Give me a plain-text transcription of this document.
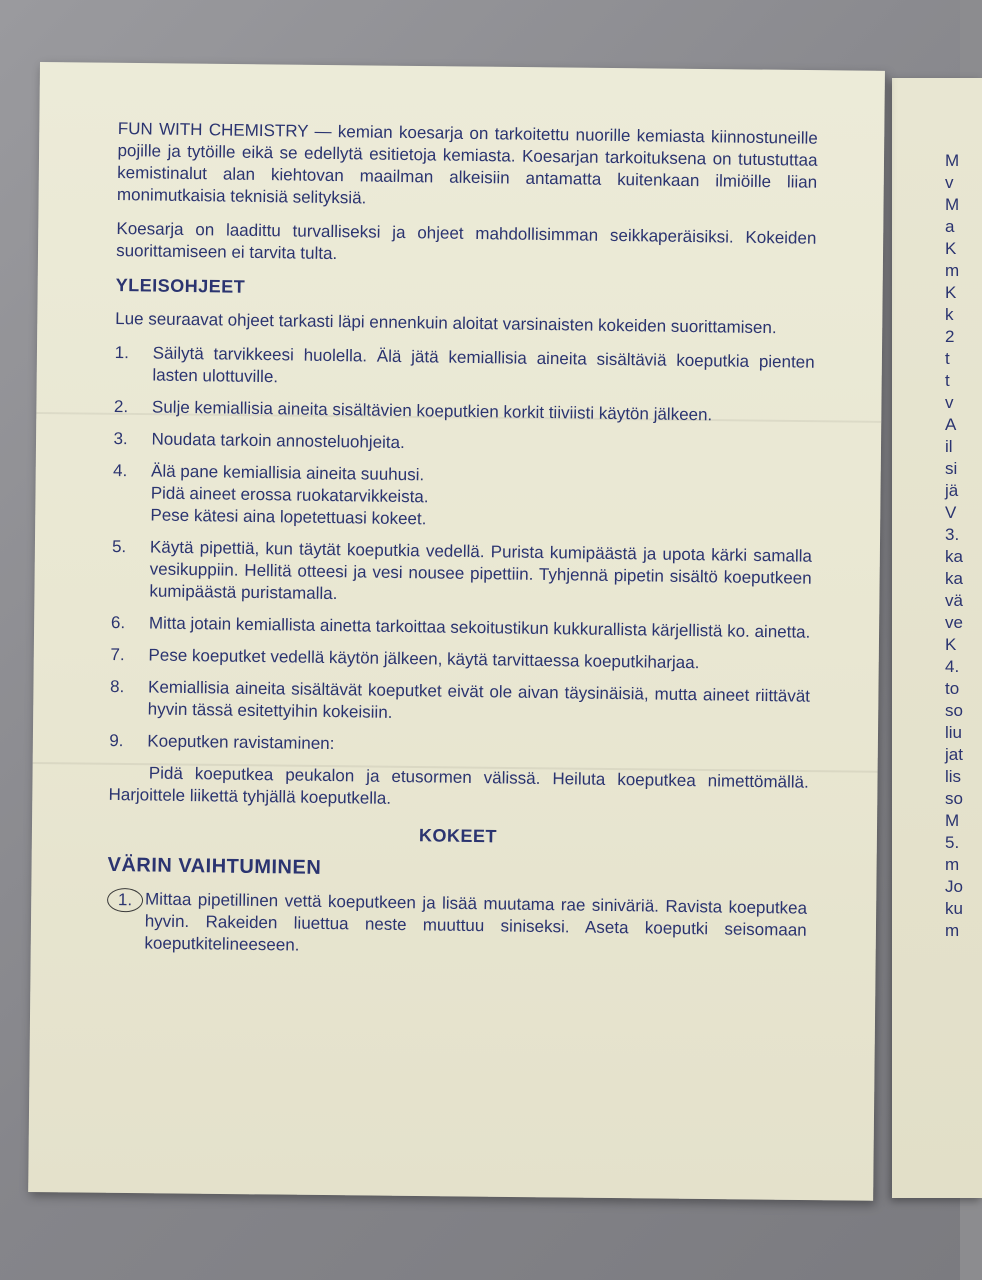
M
v
M
a
K
m
K
k
2
t
t
v
A
il
si
jä
V
3.
ka
ka
vä
ve
K
4.
to
so
liu
jat
lis
so
M
5.
m
Jo
ku
m

FUN WITH CHEMISTRY — kemian koesarja on tarkoitettu nuorille kemiasta kiinnostuneille pojille ja tytöille eikä se edellytä esitietoja kemiasta. Koesarjan tarkoituksena on tutustuttaa kemistinalut alan kiehtovan maailman alkeisiin antamatta kuitenkaan ilmiöille liian monimutkaisia teknisiä selityksiä.

Koesarja on laadittu turvalliseksi ja ohjeet mahdollisimman seikkaperäisiksi. Kokeiden suorittamiseen ei tarvita tulta.

YLEISOHJEET

Lue seuraavat ohjeet tarkasti läpi ennenkuin aloitat varsinaisten kokeiden suorittamisen.

1.	Säilytä tarvikkeesi huolella. Älä jätä kemiallisia aineita sisältäviä koeputkia pienten lasten ulottuville.
2.	Sulje kemiallisia aineita sisältävien koeputkien korkit tiiviisti käytön jälkeen.
3.	Noudata tarkoin annosteluohjeita.
4.	Älä pane kemiallisia aineita suuhusi.
Pidä aineet erossa ruokatarvikkeista.
Pese kätesi aina lopetettuasi kokeet.
5.	Käytä pipettiä, kun täytät koeputkia vedellä. Purista kumipäästä ja upota kärki samalla vesikuppiin. Hellitä otteesi ja vesi nousee pipettiin. Tyhjennä pipetin sisältö koeputkeen kumipäästä puristamalla.
6.	Mitta jotain kemiallista ainetta tarkoittaa sekoitustikun kukkurallista kärjellistä ko. ainetta.
7.	Pese koeputket vedellä käytön jälkeen, käytä tarvittaessa koeputkiharjaa.
8.	Kemiallisia aineita sisältävät koeputket eivät ole aivan täysinäisiä, mutta aineet riittävät hyvin tässä esitettyihin kokeisiin.
9.	Koeputken ravistaminen:

Pidä koeputkea peukalon ja etusormen välissä. Heiluta koeputkea nimettömällä. Harjoittele liikettä tyhjällä koeputkella.

KOKEET
VÄRIN VAIHTUMINEN
1. Mittaa pipetillinen vettä koeputkeen ja lisää muutama rae siniväriä. Ravista koeputkea hyvin. Rakeiden liuettua neste muuttuu siniseksi. Aseta koeputki seisomaan koeputkitelineeseen.
